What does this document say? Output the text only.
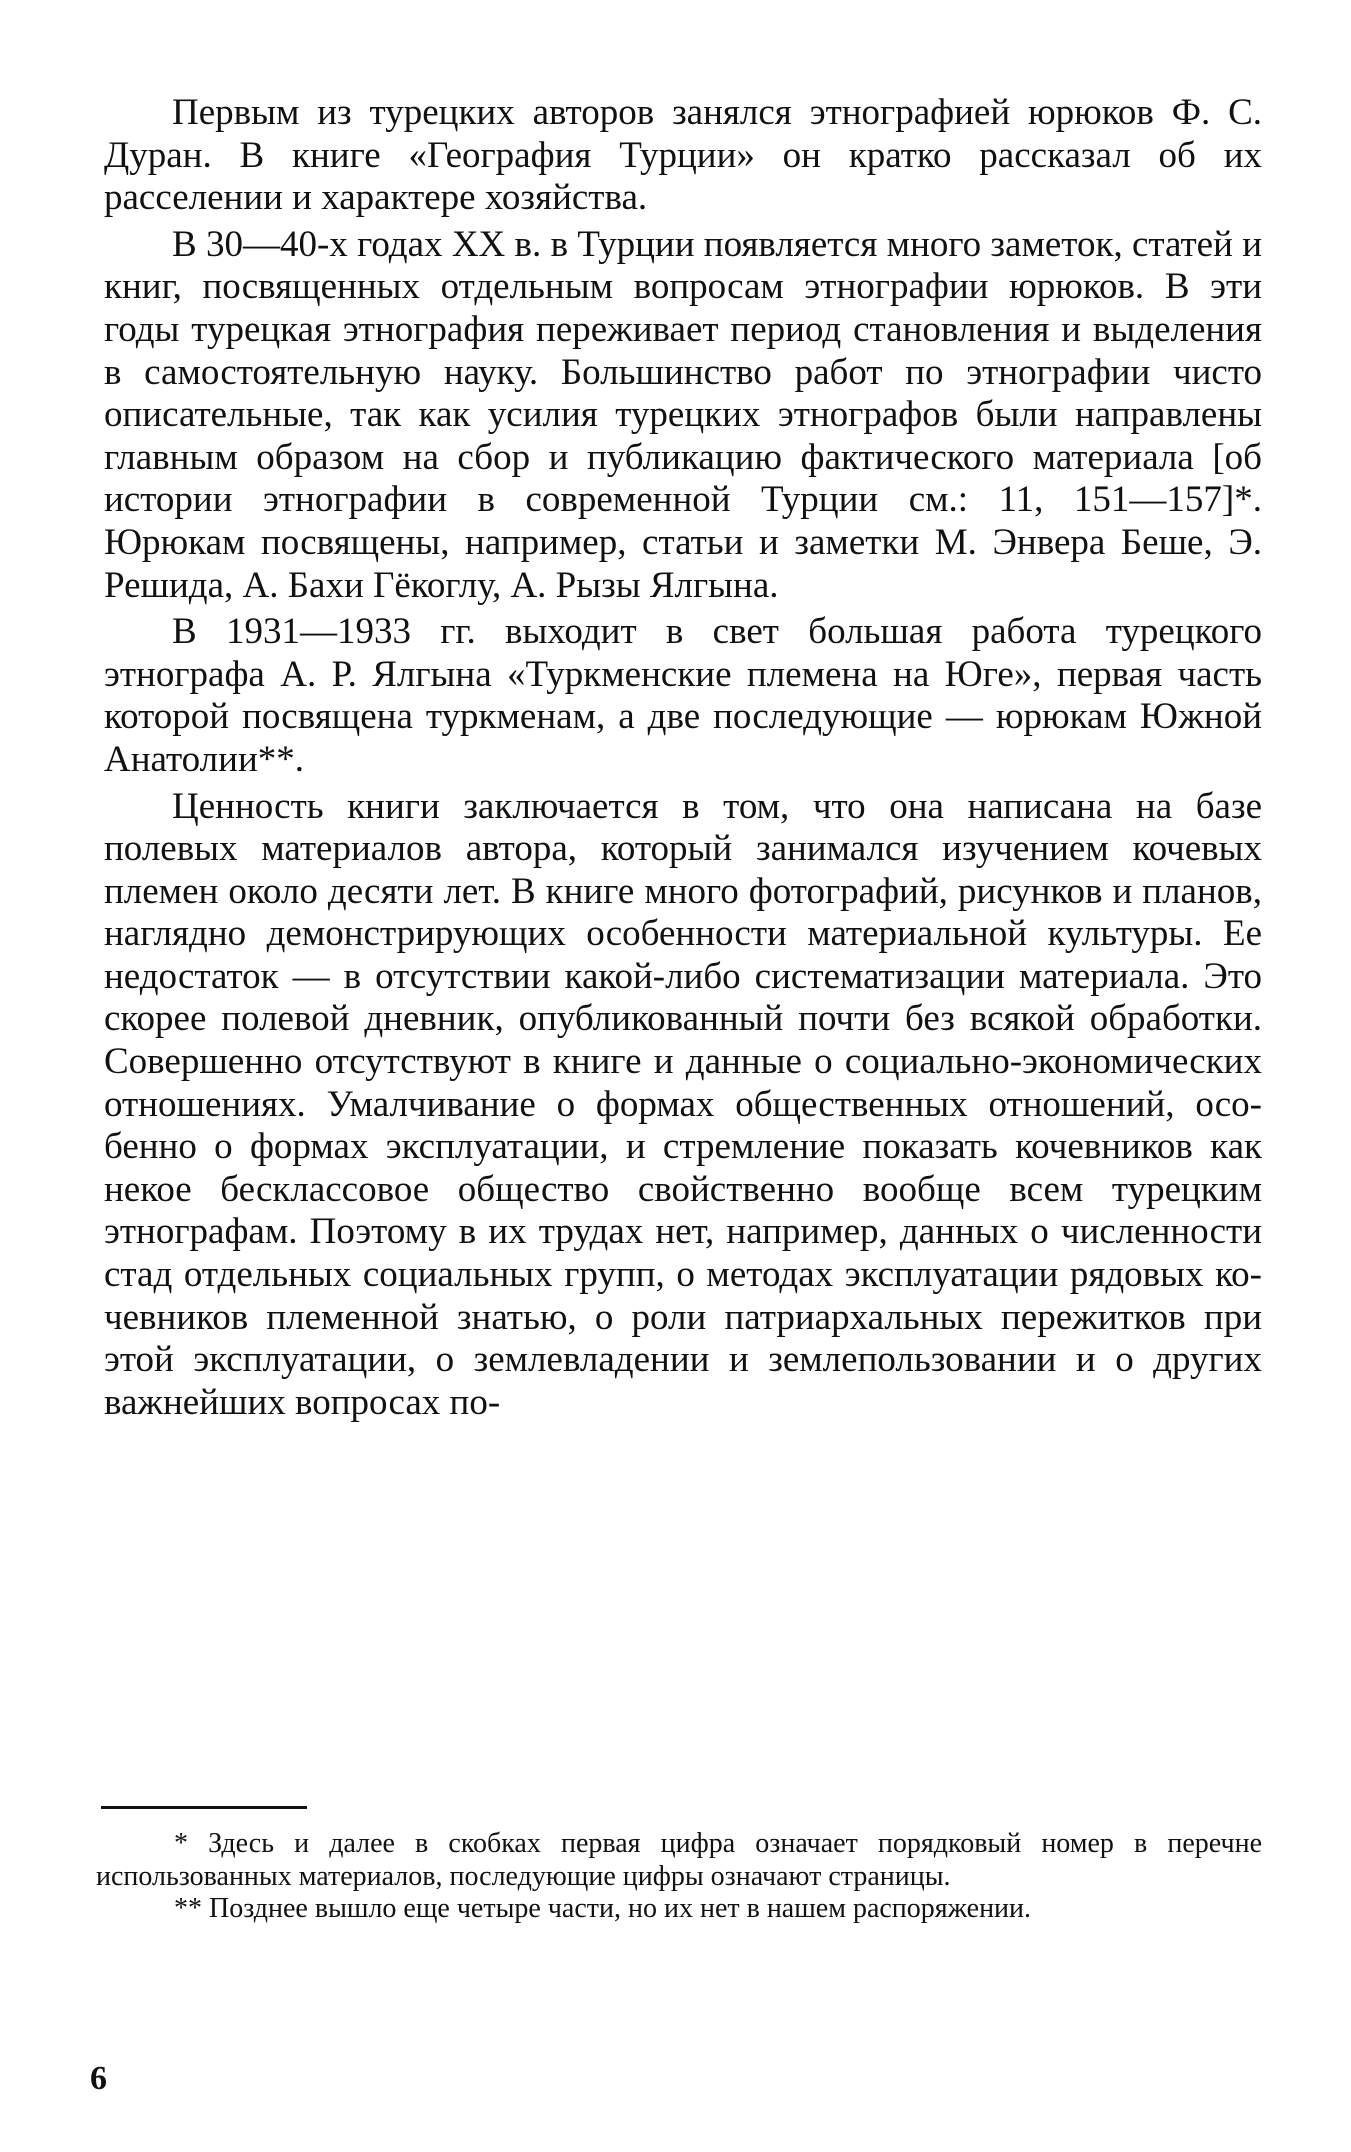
Первым из турецких авторов занялся этнографией юрюков Ф. С. Дуран. В книге «География Турции» он кратко рассказал об их расселении и характере хозяйства.

В 30—40-х годах XX в. в Турции появляется много заметок, статей и книг, посвященных отдельным вопросам этнографии юрюков. В эти годы турецкая этнография переживает период становления и выделения в самостоятельную науку. Большинство работ по этнографии чисто описательные, так как усилия турецких этнографов были направлены главным образом на сбор и публикацию фактического материала [об истории этнографии в современной Турции см.: 11, 151—157]*. Юрюкам посвящены, например, статьи и заметки М. Энвера Беше, Э. Решида, А. Бахи Гёкоглу, А. Рызы Ялгына.

В 1931—1933 гг. выходит в свет большая работа турецкого этнографа А. Р. Ялгына «Туркменские племена на Юге», первая часть которой посвящена туркменам, а две последующие — юрюкам Южной Анатолии**.

Ценность книги заключается в том, что она написана на базе полевых материалов автора, который занимался изучением кочевых племен около десяти лет. В книге много фотографий, рисунков и планов, наглядно демонстрирующих особенности материальной культуры. Ее недостаток — в отсутствии какой-либо систематизации материала. Это скорее полевой дневник, опубликованный почти без всякой обработки. Совершенно отсутствуют в книге и данные о социально-экономических отношениях. Умалчивание о формах общественных отношений, особенно о формах эксплуатации, и стремление показать кочевников как некое бесклассовое общество свойственно вообще всем турецким этнографам. Поэтому в их трудах нет, например, данных о численности стад отдельных социальных групп, о методах эксплуатации рядовых кочевников племенной знатью, о роли патриархальных пережитков при этой эксплуатации, о землевладении и землепользовании и о других важнейших вопросах по-

* Здесь и далее в скобках первая цифра означает порядковый номер в перечне использованных материалов, последующие цифры означают страницы.

** Позднее вышло еще четыре части, но их нет в нашем распоряжении.

6
